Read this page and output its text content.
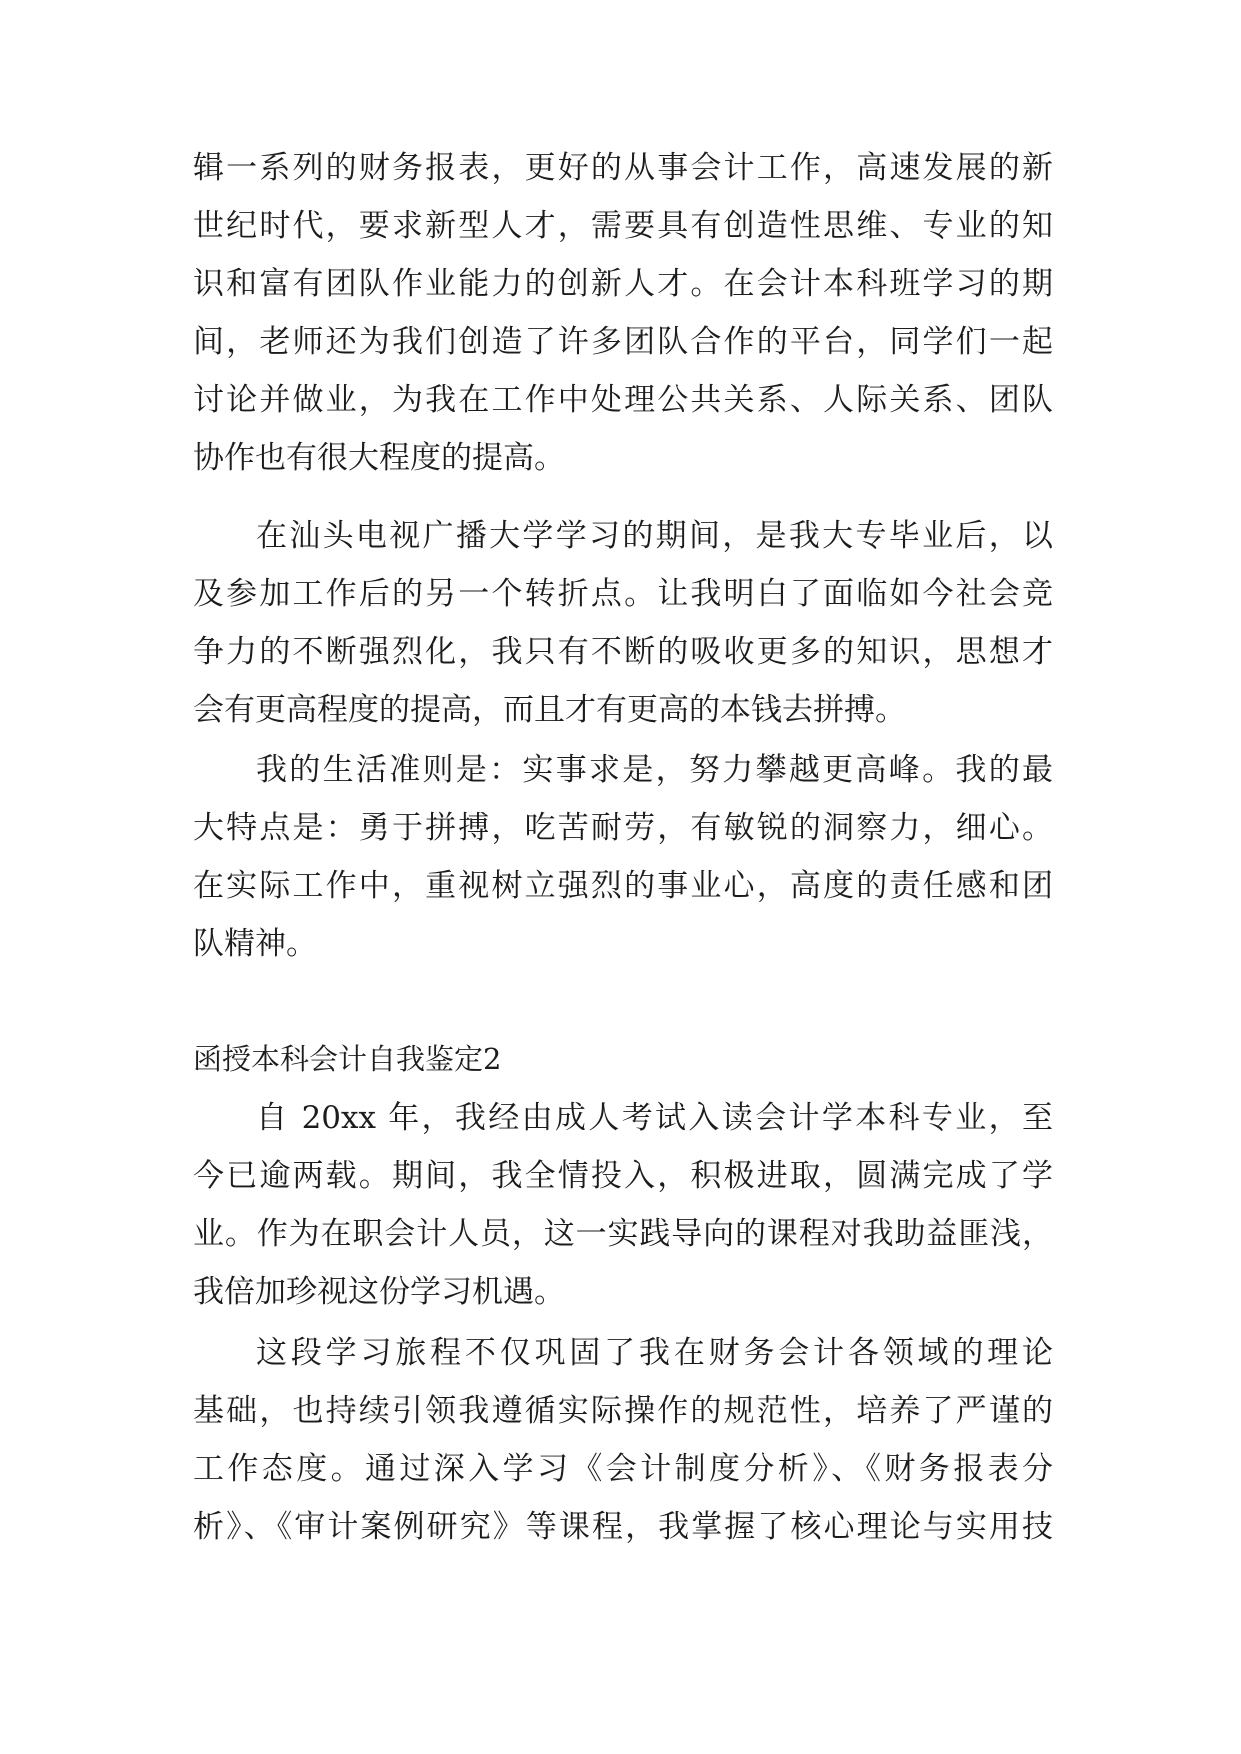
辑一系列的财务报表，更好的从事会计工作，高速发展的新
世纪时代，要求新型人才，需要具有创造性思维、专业的知
识和富有团队作业能力的创新人才。在会计本科班学习的期
间，老师还为我们创造了许多团队合作的平台，同学们一起
讨论并做业，为我在工作中处理公共关系、人际关系、团队
协作也有很大程度的提高。
在汕头电视广播大学学习的期间，是我大专毕业后，以
及参加工作后的另一个转折点。让我明白了面临如今社会竞
争力的不断强烈化，我只有不断的吸收更多的知识，思想才
会有更高程度的提高，而且才有更高的本钱去拼搏。
我的生活准则是：实事求是，努力攀越更高峰。我的最
大特点是：勇于拼搏，吃苦耐劳，有敏锐的洞察力，细心。
在实际工作中，重视树立强烈的事业心，高度的责任感和团
队精神。
函授本科会计自我鉴定2
自 20xx 年，我经由成人考试入读会计学本科专业，至
今已逾两载。期间，我全情投入，积极进取，圆满完成了学
业。作为在职会计人员，这一实践导向的课程对我助益匪浅，
我倍加珍视这份学习机遇。
这段学习旅程不仅巩固了我在财务会计各领域的理论
基础，也持续引领我遵循实际操作的规范性，培养了严谨的
工作态度。通过深入学习《会计制度分析》、《财务报表分
析》、《审计案例研究》等课程，我掌握了核心理论与实用技
